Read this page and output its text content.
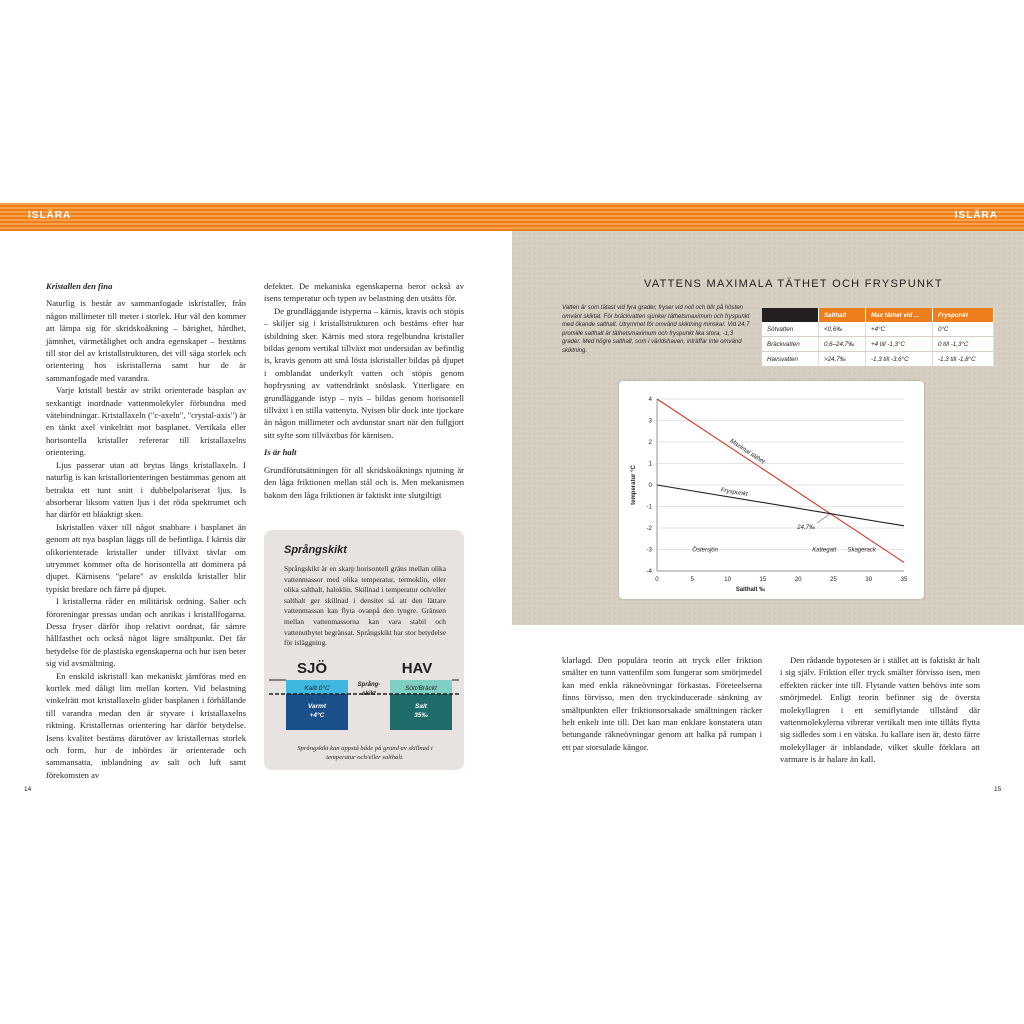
ISLÄRA	ISLÄRA
Kristallen den fina

Naturlig is består av sammanfogade iskristaller, från någon millimeter till meter i storlek. Hur väl den kommer att lämpa sig för skridskoåkning – bärighet, hårdhet, jämnhet, värmetålighet och andra egenskaper – bestäms till stor del av kristallstrukturen, det vill säga storlek och orientering hos iskristallerna samt hur de är sammanfogade med varandra.

Varje kristall består av strikt orienterade basplan av sexkantigt inordnade vattenmolekyler förbundna med vätebindningar. Kristallaxeln ("c-axeln", "crystal-axis") är en tänkt axel vinkelrätt mot basplanet. Vertikala eller horisontella kristaller refererar till kristallaxelns orientering.

Ljus passerar utan att brytas längs kristallaxeln. I naturlig is kan kristallorienteringen bestämmas genom att betrakta ett tunt snitt i dubbelpolariserat ljus. Is absorberar liksom vatten ljus i det röda spektrumet och har därför ett blåaktigt sken.

Iskristallen växer till något snabbare i basplanet än genom att nya basplan läggs till de befintliga. I kärnis där olikorienterade kristaller under tillväxt tävlar om utrymmet kommer ofta de horisontella att dominera på djupet. Kärnisens "pelare" av enskilda kristaller blir typiskt bredare och färre på djupet.

I kristallerna råder en militärisk ordning. Salter och föroreningar pressas undan och anrikas i kristallfogarna. Dessa fryser därför ihop relativt oordnat, får sämre hållfasthet och också något lägre smältpunkt. Det får betydelse för de plastiska egenskaperna och hur isen beter sig vid avsmältning.

En enskild iskristall kan mekaniskt jämföras med en kortlek med dåligt lim mellan korten. Vid belastning vinkelrätt mot kristallaxeln glider basplanen i förhållande till varandra medan den är styvare i kristallaxelns riktning. Kristallernas orientering har därför betydelse. Isens kvalitet bestäms därutöver av kristallernas storlek och form, hur de inbördes är orienterade och sammansatta, inblandning av salt och luft samt förekomsten av

defekter. De mekaniska egenskaperna beror också av isens temperatur och typen av belastning den utsätts för.

De grundläggande istyperna – kärnis, kravis och stöpis – skiljer sig i kristallstrukturen och bestäms efter hur isbildning sker. Kärnis med stora regelbundna kristaller bildas genom vertikal tillväxt mot undersidan av befintlig is, kravis genom att små lösta iskristaller bildas på djupet i omblandat underkylt vatten och stöpis genom hopfrysning av vattendränkt snöslask. Ytterligare en grundläggande istyp – nyis – bildas genom horisontell tillväxt i en stilla vattenyta. Nyisen blir dock inte tjockare än någon millimeter och avdunstar snart när den fullgjort sitt syfte som tillväxtbas för kärnisen.

Is är halt

Grundförutsättningen för all skridskoåknings njutning är den låga friktionen mellan stål och is. Men mekanismen bakom den låga friktionen är faktiskt inte slutgiltigt

Språngskikt
Språngskikt är en skarp horisontell gräns mellan olika vattenmassor med olika temperatur, termoklin, eller olika salthalt, haloklin. Skillnad i temperatur och/eller salthalt ger skillnad i densitet så att den lättare vattenmassan kan flyta ovanpå den tyngre. Gränsen mellan vattenmassorna kan vara stabil och vattenutbytet begränsat. Språngskikt har stor betydelse för isläggning.
SJÖ	HAV
Kallt 0°C
Varmt
+4°C
Språng-
skikt
Sött/Bräckt
Salt
35‰
Språngskikt kan uppstå både på grund av skillnad i temperatur och/eller salthalt.
14	15
VATTENS MAXIMALA TÄTHET OCH FRYSPUNKT
Vatten är som tätast vid fyra grader, fryser vid noll och blir på hösten omvänt skiktat. För bräckvatten sjunker täthetsmaximum och fryspunkt med ökande salthalt. Utrymmet för omvänd skiktning minskar. Vid 24,7 promille salthalt är täthetsmaximum och fryspunkt lika stora, -1,3 grader. Med högre salthalt, som i världshaven, inträffar inte omvänd skiktning.
	Salthalt	Max täthet vid ...	Fryspunkt
Sötvatten	<0,6‰	+4°C	0°C
Bräckvatten	0,6–24,7‰	+4 till -1,3°C	0 till -1,3°C
Havsvatten	>24,7‰	-1,3 till -3,6°C	-1,3 till -1,8°C
4
3
2
1
0
-1
-2
-3
-4
0	5	10	15	20	25	30	35
Salthalt ‰
temperatur °C
Maximal täthet
Fryspunkt
24,7‰
Östersjön	Kattegatt Skagerack

klarlagd. Den populära teorin att tryck eller friktion smälter en tunn vattenfilm som fungerar som smörjmedel kan med enkla räkneövningar förkastas. Företeelserna finns förvisso, men den tryckinducerade sänkning av smältpunkten eller friktionsorsakade smältningen räcker helt enkelt inte till. Det kan man enklare konstatera utan betungande räkneövningar genom att halka på rumpan i ett par storsulade kängor.

Den rådande hypotesen är i stället att is faktiskt är halt i sig själv. Friktion eller tryck smälter förvisso isen, men effekten räcker inte till. Flytande vatten behövs inte som smörjmedel. Enligt teorin befinner sig de översta molekyllagren i ett semiflytande tillstånd där vattenmolekylerna vibrerar vertikalt men inte tillåts flytta sig sidledes som i en vätska. Ju kallare isen är, desto färre molekyllager är inblandade, vilket skulle förklara att varmare is är halare än kall.
